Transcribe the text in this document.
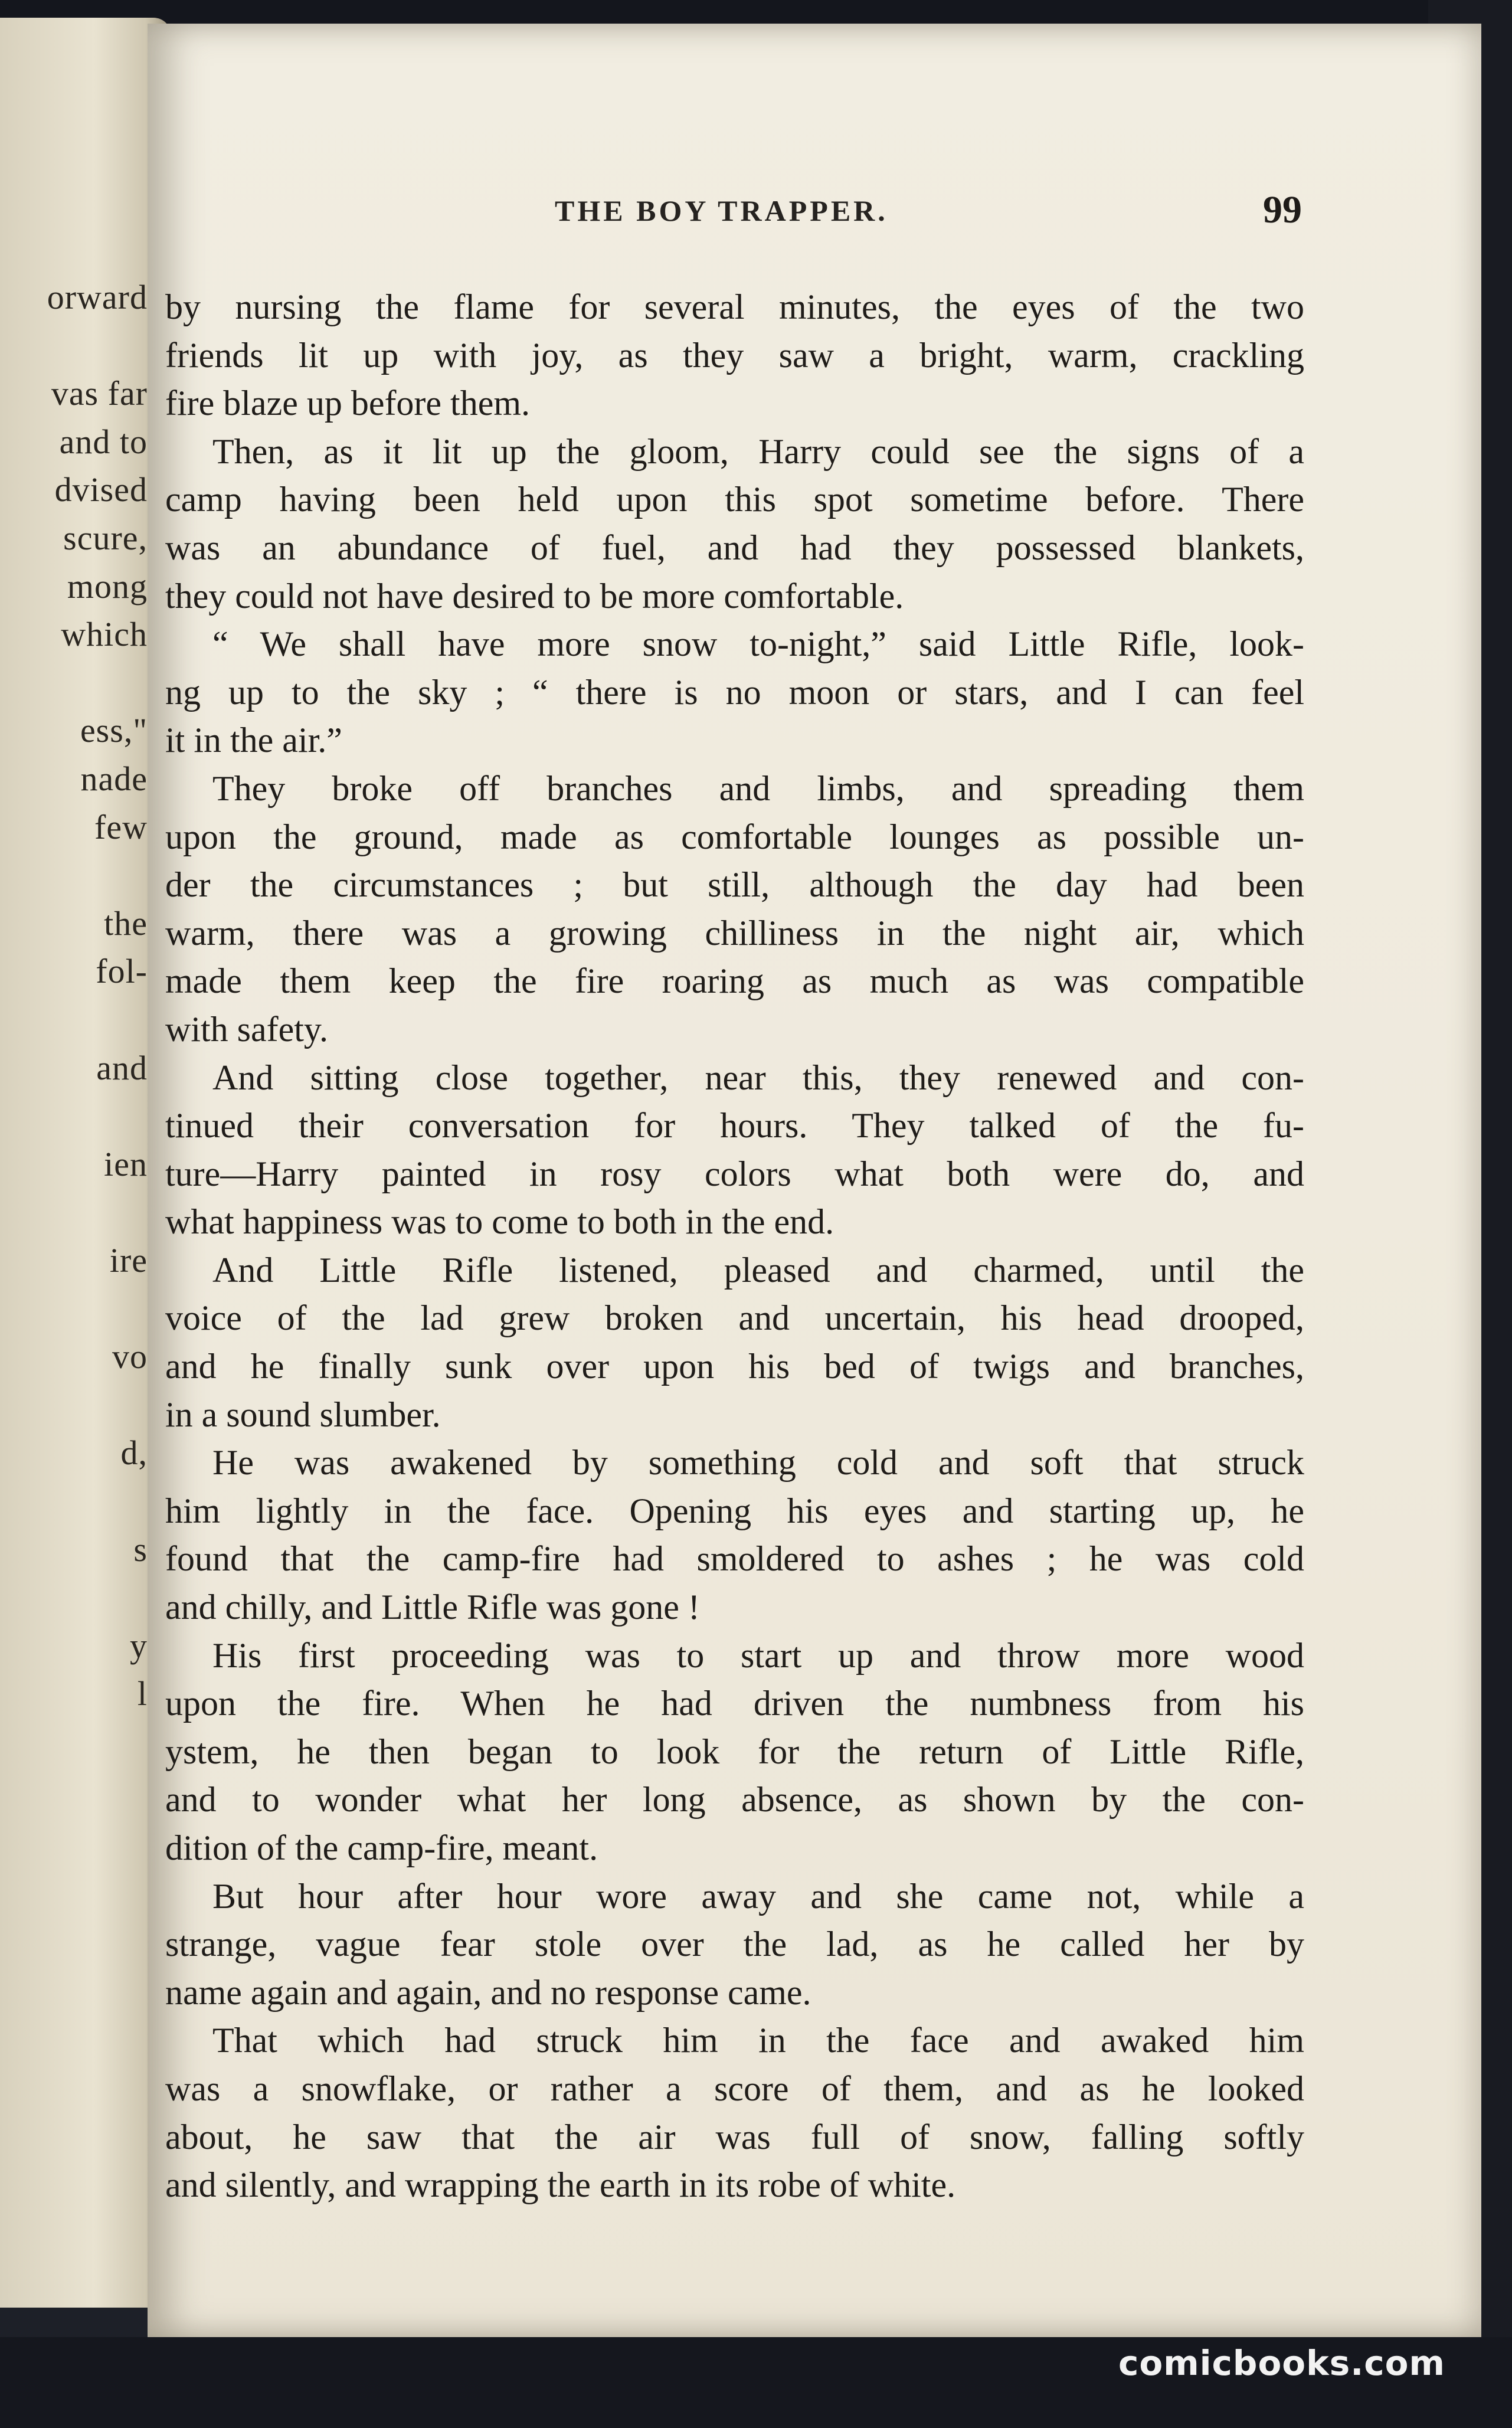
orward
vas far
and to
dvised
scure,
mong
which
ess,"
nade
few
the
fol-
and
ien
ire
vo
d,
s
y
l
THE BOY TRAPPER.	99
by nursing the flame for several minutes, the eyes of the two
friends lit up with joy, as they saw a bright, warm, crackling
fire blaze up before them.
Then, as it lit up the gloom, Harry could see the signs of a
camp having been held upon this spot sometime before. There
was an abundance of fuel, and had they possessed blankets,
they could not have desired to be more comfortable.
“ We shall have more snow to-night,” said Little Rifle, look-
ng up to the sky ; “ there is no moon or stars, and I can feel
it in the air.”
They broke off branches and limbs, and spreading them
upon the ground, made as comfortable lounges as possible un-
der the circumstances ; but still, although the day had been
warm, there was a growing chilliness in the night air, which
made them keep the fire roaring as much as was compatible
with safety.
And sitting close together, near this, they renewed and con-
tinued their conversation for hours. They talked of the fu-
ture—Harry painted in rosy colors what both were do, and
what happiness was to come to both in the end.
And Little Rifle listened, pleased and charmed, until the
voice of the lad grew broken and uncertain, his head drooped,
and he finally sunk over upon his bed of twigs and branches,
in a sound slumber.
He was awakened by something cold and soft that struck
him lightly in the face. Opening his eyes and starting up, he
found that the camp-fire had smoldered to ashes ; he was cold
and chilly, and Little Rifle was gone !
His first proceeding was to start up and throw more wood
upon the fire. When he had driven the numbness from his
ystem, he then began to look for the return of Little Rifle,
and to wonder what her long absence, as shown by the con-
dition of the camp-fire, meant.
But hour after hour wore away and she came not, while a
strange, vague fear stole over the lad, as he called her by
name again and again, and no response came.
That which had struck him in the face and awaked him
was a snowflake, or rather a score of them, and as he looked
about, he saw that the air was full of snow, falling softly
and silently, and wrapping the earth in its robe of white.
comicbooks.com
